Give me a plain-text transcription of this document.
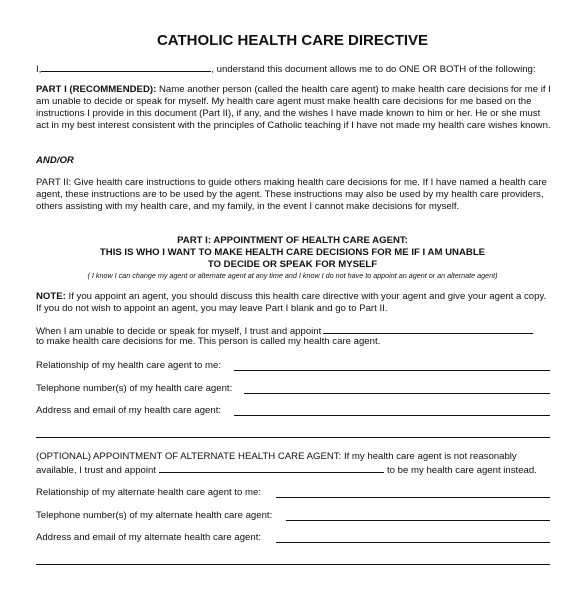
CATHOLIC HEALTH CARE DIRECTIVE
I,	, understand this document allows me to do ONE OR BOTH of the following:
PART I (RECOMMENDED): Name another person (called the health care agent) to make health care decisions for me if I am unable to decide or speak for myself. My health care agent must make health care decisions for me based on the instructions I provide in this document (Part II), if any, and the wishes I have made known to him or her. He or she must act in my best interest consistent with the principles of Catholic teaching if I have not made my health care wishes known.
AND/OR
PART II: Give health care instructions to guide others making health care decisions for me. If I have named a health care agent, these instructions are to be used by the agent. These instructions may also be used by my health care providers, others assisting with my health care, and my family, in the event I cannot make decisions for myself.
PART I: APPOINTMENT OF HEALTH CARE AGENT:
THIS IS WHO I WANT TO MAKE HEALTH CARE DECISIONS FOR ME IF I AM UNABLE
TO DECIDE OR SPEAK FOR MYSELF
( I know I can change my agent or alternate agent at any time and I know I do not have to appoint an agent or an alternate agent)
NOTE: If you appoint an agent, you should discuss this health care directive with your agent and give your agent a copy. If you do not wish to appoint an agent, you may leave Part I blank and go to Part II.
When I am unable to decide or speak for myself, I trust and appoint
to make health care decisions for me. This person is called my health care agent.
Relationship of my health care agent to me:
Telephone number(s) of my health care agent:
Address and email of my health care agent:
(OPTIONAL) APPOINTMENT OF ALTERNATE HEALTH CARE AGENT: If my health care agent is not reasonably
available, I trust and appoint	to be my health care agent instead.
Relationship of my alternate health care agent to me:
Telephone number(s) of my alternate health care agent:
Address and email of my alternate health care agent:
